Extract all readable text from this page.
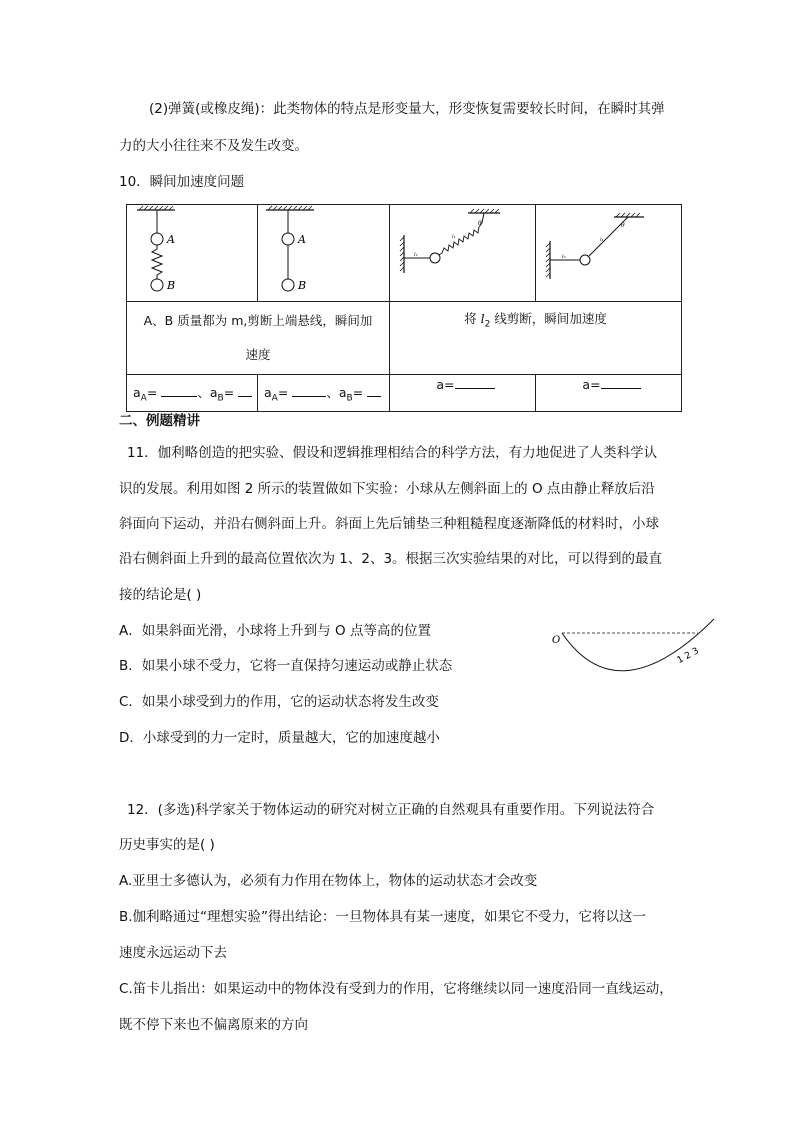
(2)弹簧(或橡皮绳)：此类物体的特点是形变量大，形变恢复需要较长时间，在瞬时其弹
力的大小往往来不及发生改变。
10．瞬间加速度问题
A
B	A
B	l₂
l₁
θ	l₂
l₁
θ

A、B 质量都为 m,剪断上端悬线，瞬间加
速度		将 $l_2$ 线剪断，瞬间加速度	
$a_A=$ 、$a_B=$	$a_A=$ 、$a_B=$	a=	a=
二、例题精讲
11．伽利略创造的把实验、假设和逻辑推理相结合的科学方法，有力地促进了人类科学认
识的发展。利用如图 2 所示的装置做如下实验：小球从左侧斜面上的 O 点由静止释放后沿
斜面向下运动，并沿右侧斜面上升。斜面上先后铺垫三种粗糙程度逐渐降低的材料时，小球
沿右侧斜面上升到的最高位置依次为 1、2、3。根据三次实验结果的对比，可以得到的最直
接的结论是( )
A．如果斜面光滑，小球将上升到与 O 点等高的位置
B．如果小球不受力，它将一直保持匀速运动或静止状态
C．如果小球受到力的作用，它的运动状态将发生改变
D．小球受到的力一定时，质量越大，它的加速度越小
O
1 2 3
12．(多选)科学家关于物体运动的研究对树立正确的自然观具有重要作用。下列说法符合
历史事实的是( )
A.亚里士多德认为，必须有力作用在物体上，物体的运动状态才会改变
B.伽利略通过“理想实验”得出结论：一旦物体具有某一速度，如果它不受力，它将以这一
速度永远运动下去
C.笛卡儿指出：如果运动中的物体没有受到力的作用，它将继续以同一速度沿同一直线运动，
既不停下来也不偏离原来的方向
